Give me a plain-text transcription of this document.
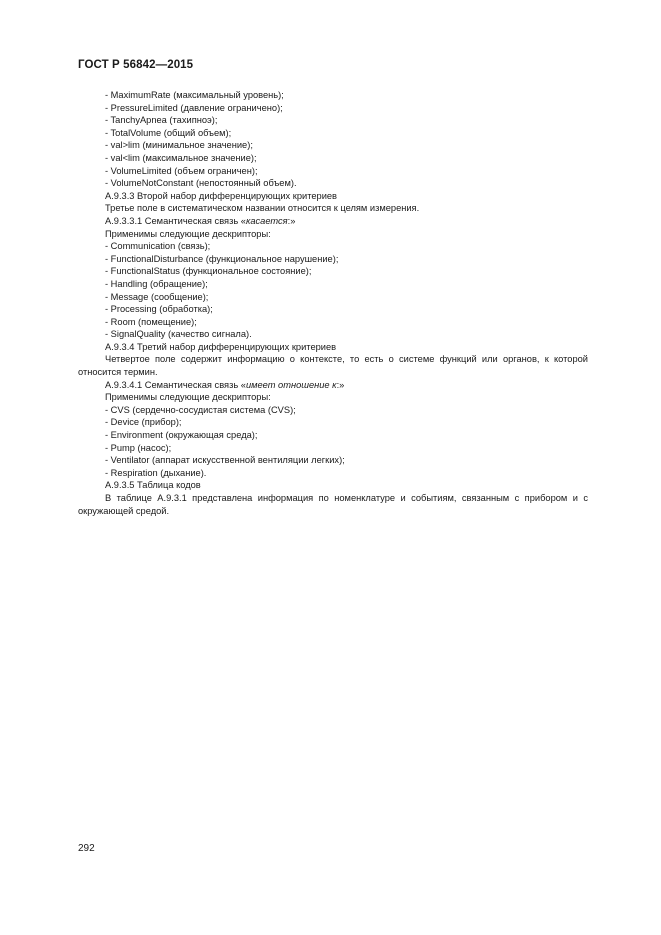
ГОСТ Р 56842—2015

- MaximumRate (максимальный уровень);

- PressureLimited (давление ограничено);

- TanchyApnea (тахипноэ);

- TotalVolume (общий объем);

- val>lim (минимальное значение);

- val<lim (максимальное значение);

- VolumeLimited (объем ограничен);

- VolumeNotConstant (непостоянный объем).

А.9.3.3 Второй набор дифференцирующих критериев

Третье поле в систематическом названии относится к целям измерения.

А.9.3.3.1 Семантическая связь «касается:»

Применимы следующие дескрипторы:

- Communication (связь);

- FunctionalDisturbance (функциональное нарушение);

- FunctionalStatus (функциональное состояние);

- Handling (обращение);

- Message (сообщение);

- Processing (обработка);

- Room (помещение);

- SignalQuality (качество сигнала).

А.9.3.4 Третий набор дифференцирующих критериев

Четвертое поле содержит информацию о контексте, то есть о системе функций или органов, к которой относится термин.

А.9.3.4.1 Семантическая связь «имеет отношение к:»

Применимы следующие дескрипторы:

- CVS (сердечно-сосудистая система (CVS);

- Device (прибор);

- Environment (окружающая среда);

- Pump (насос);

- Ventilator (аппарат искусственной вентиляции легких);

- Respiration (дыхание).

А.9.3.5 Таблица кодов

В таблице А.9.3.1 представлена информация по номенклатуре и событиям, связанным с прибором и с окружающей средой.

292
